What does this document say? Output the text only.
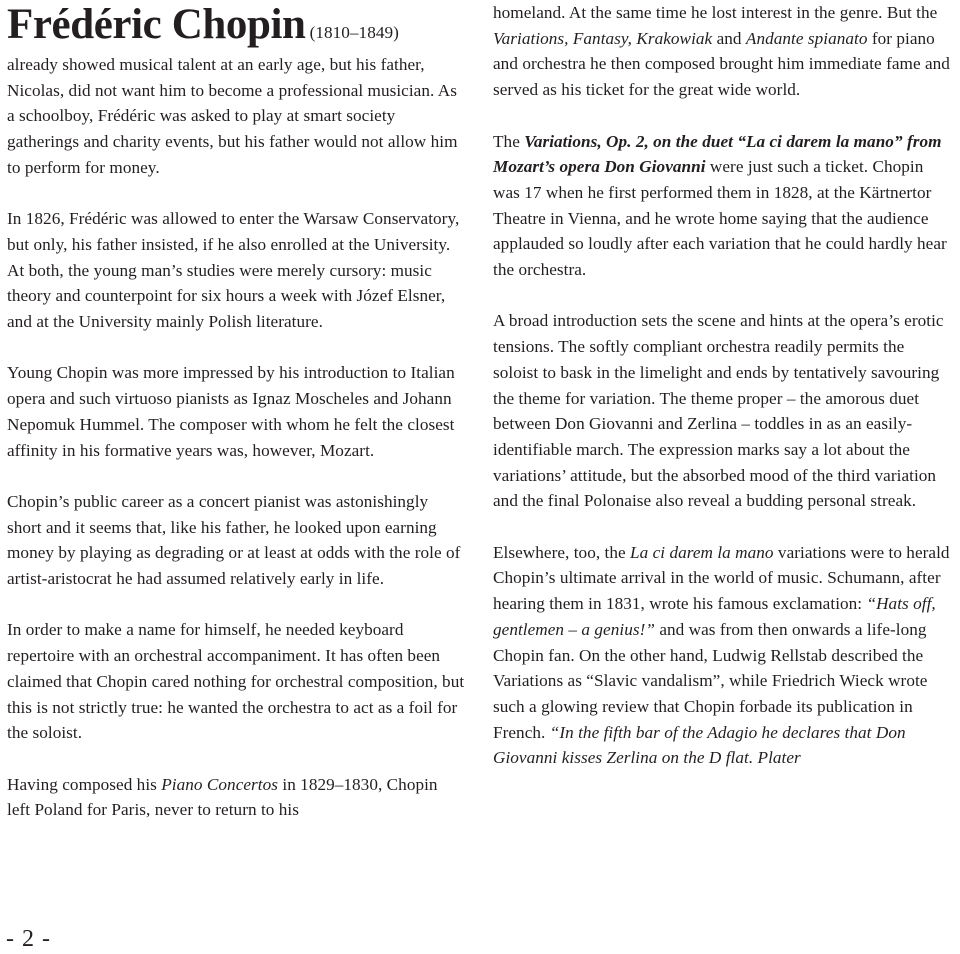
Frédéric Chopin (1810–1849)

already showed musical talent at an early age, but his father, Nicolas, did not want him to become a professional musician. As a schoolboy, Frédéric was asked to play at smart society gatherings and charity events, but his father would not allow him to perform for money.

In 1826, Frédéric was allowed to enter the Warsaw Conservatory, but only, his father insisted, if he also enrolled at the University. At both, the young man’s studies were merely cursory: music theory and counterpoint for six hours a week with Józef Elsner, and at the University mainly Polish literature.

Young Chopin was more impressed by his introduction to Italian opera and such virtuoso pianists as Ignaz Moscheles and Johann Nepomuk Hummel. The composer with whom he felt the closest affinity in his formative years was, however, Mozart.

Chopin’s public career as a concert pianist was astonishingly short and it seems that, like his father, he looked upon earning money by playing as degrading or at least at odds with the role of artist-aristocrat he had assumed relatively early in life.

In order to make a name for himself, he needed keyboard repertoire with an orchestral accompaniment. It has often been claimed that Chopin cared nothing for orchestral composition, but this is not strictly true: he wanted the orchestra to act as a foil for the soloist.

Having composed his Piano Concertos in 1829–1830, Chopin left Poland for Paris, never to return to his

homeland. At the same time he lost interest in the genre. But the Variations, Fantasy, Krakowiak and Andante spianato for piano and orchestra he then composed brought him immediate fame and served as his ticket for the great wide world.

The Variations, Op. 2, on the duet “La ci darem la mano” from Mozart’s opera Don Giovanni were just such a ticket. Chopin was 17 when he first performed them in 1828, at the Kärtnertor Theatre in Vienna, and he wrote home saying that the audience applauded so loudly after each variation that he could hardly hear the orchestra.

A broad introduction sets the scene and hints at the opera’s erotic tensions. The softly compliant orchestra readily permits the soloist to bask in the limelight and ends by tentatively savouring the theme for variation. The theme proper – the amorous duet between Don Giovanni and Zerlina – toddles in as an easily-identifiable march. The expression marks say a lot about the variations’ attitude, but the absorbed mood of the third variation and the final Polonaise also reveal a budding personal streak.

Elsewhere, too, the La ci darem la mano variations were to herald Chopin’s ultimate arrival in the world of music. Schumann, after hearing them in 1831, wrote his famous exclamation: “Hats off, gentlemen – a genius!” and was from then onwards a life-long Chopin fan. On the other hand, Ludwig Rellstab described the Variations as “Slavic vandalism”, while Friedrich Wieck wrote such a glowing review that Chopin forbade its publication in French. “In the fifth bar of the Adagio he declares that Don Giovanni kisses Zerlina on the D flat. Plater

- 2 -
